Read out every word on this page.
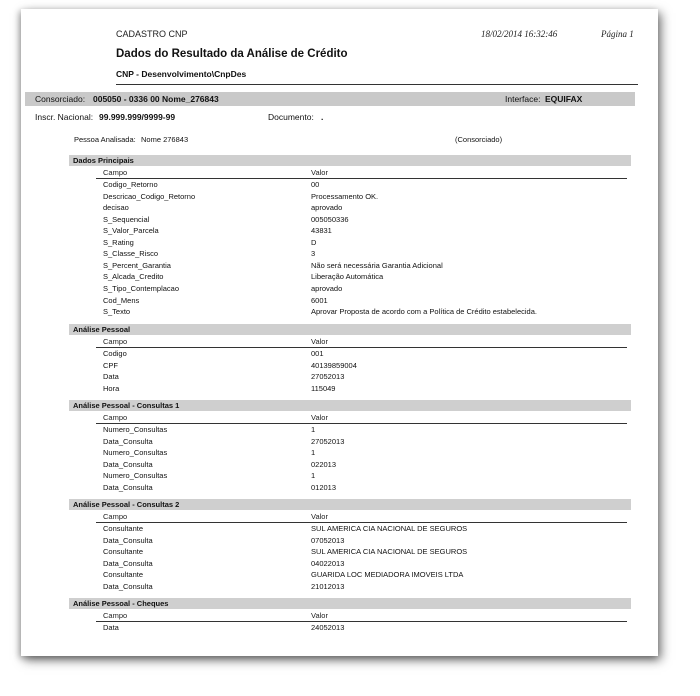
CADASTRO CNP	18/02/2014 16:32:46	Página 1
Dados do Resultado da Análise de Crédito
CNP - Desenvolvimento\CnpDes
Consorciado: 005050 - 0336 00 Nome_276843	Interface: EQUIFAX
Inscr. Nacional: 99.999.999/9999-99	Documento: .
Pessoa Analisada: Nome 276843	(Consorciado)
Dados Principais
Campo	Valor
Codigo_Retorno	00
Descricao_Codigo_Retorno	Processamento OK.
decisao	aprovado
S_Sequencial	005050336
S_Valor_Parcela	43831
S_Rating	D
S_Classe_Risco	3
S_Percent_Garantia	Não será necessária Garantia Adicional
S_Alcada_Credito	Liberação Automática
S_Tipo_Contemplacao	aprovado
Cod_Mens	6001
S_Texto	Aprovar Proposta de acordo com a Política de Crédito estabelecida.
Análise Pessoal
Campo	Valor
Codigo	001
CPF	40139859004
Data	27052013
Hora	115049
Análise Pessoal - Consultas 1
Campo	Valor
Numero_Consultas	1
Data_Consulta	27052013
Numero_Consultas	1
Data_Consulta	022013
Numero_Consultas	1
Data_Consulta	012013
Análise Pessoal - Consultas 2
Campo	Valor
Consultante	SUL AMERICA CIA NACIONAL DE SEGUROS
Data_Consulta	07052013
Consultante	SUL AMERICA CIA NACIONAL DE SEGUROS
Data_Consulta	04022013
Consultante	GUARIDA LOC MEDIADORA IMOVEIS LTDA
Data_Consulta	21012013
Análise Pessoal - Cheques
Campo	Valor
Data	24052013
